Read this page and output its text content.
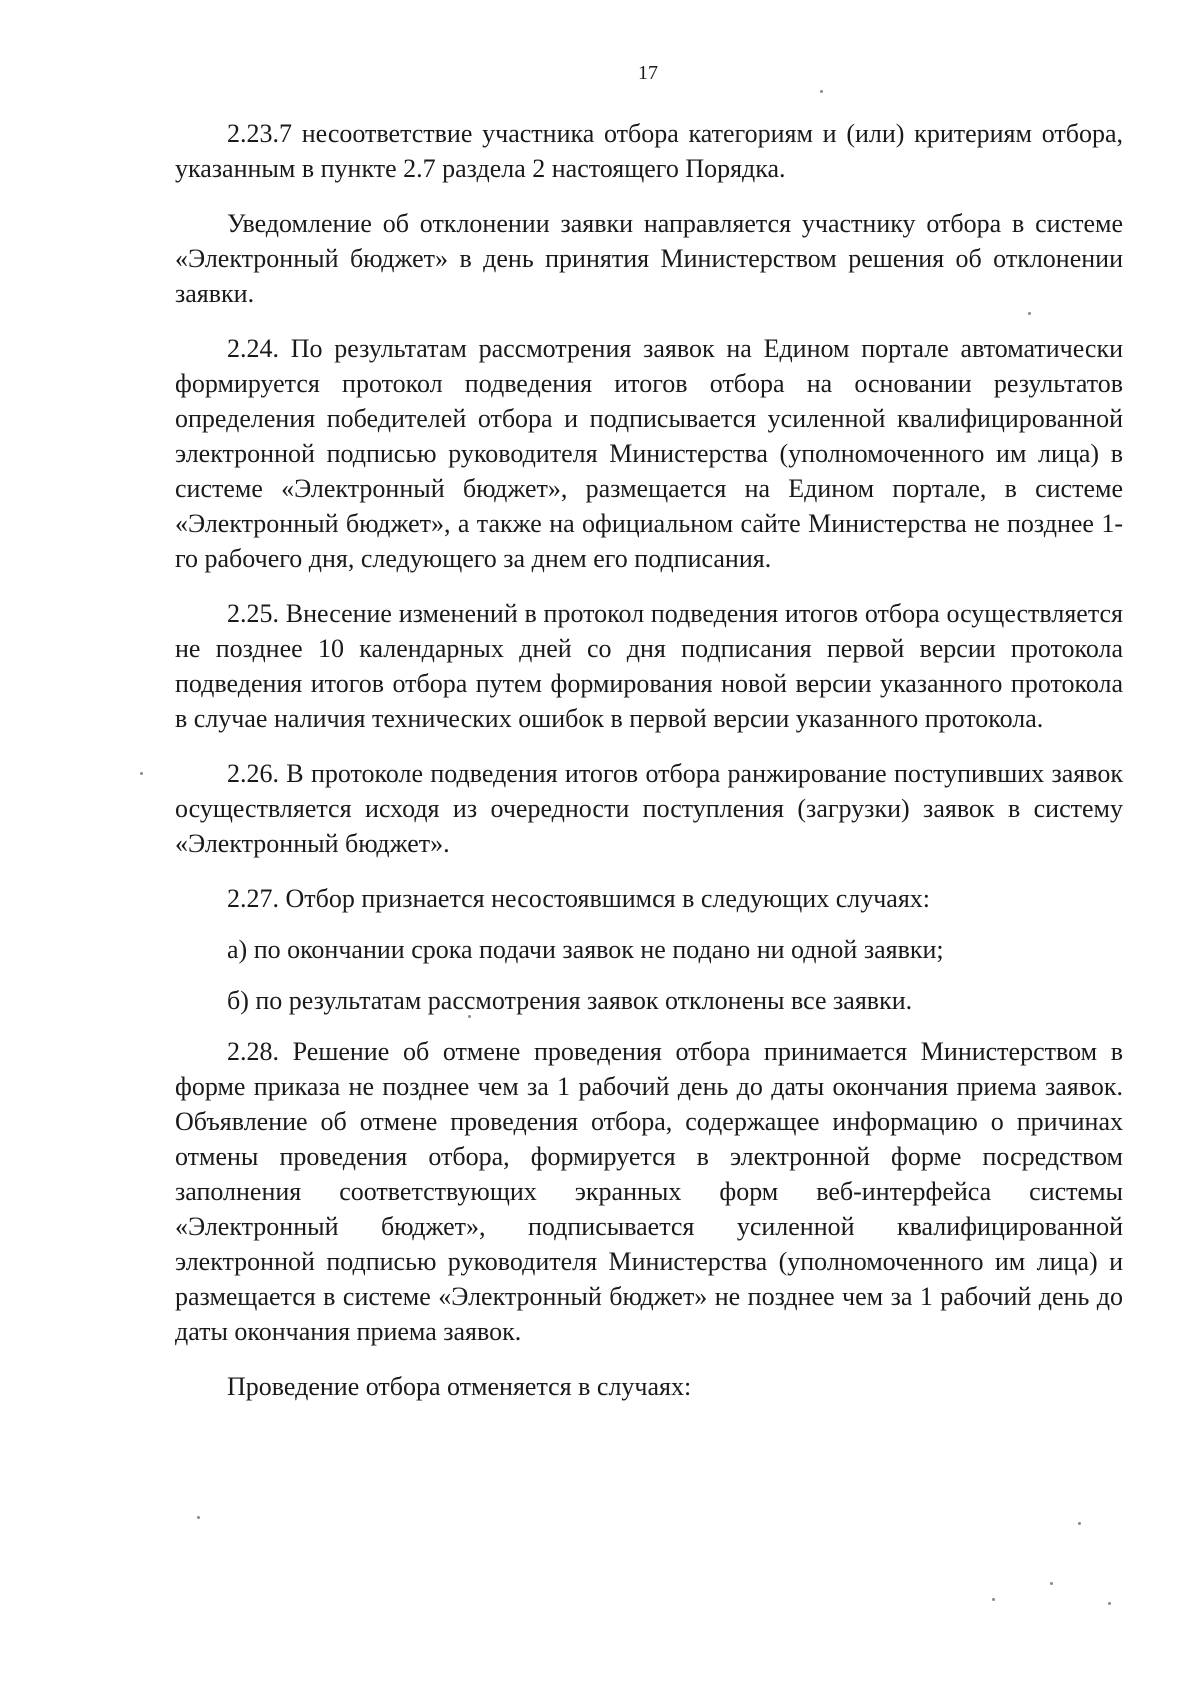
17

2.23.7 несоответствие участника отбора категориям и (или) критериям отбора, указанным в пункте 2.7 раздела 2 настоящего Порядка.

Уведомление об отклонении заявки направляется участнику отбора в системе «Электронный бюджет» в день принятия Министерством решения об отклонении заявки.

2.24. По результатам рассмотрения заявок на Едином портале автоматически формируется протокол подведения итогов отбора на основании результатов определения победителей отбора и подписывается усиленной квалифицированной электронной подписью руководителя Министерства (уполномоченного им лица) в системе «Электронный бюджет», размещается на Едином портале, в системе «Электронный бюджет», а также на официальном сайте Министерства не позднее 1-го рабочего дня, следующего за днем его подписания.

2.25. Внесение изменений в протокол подведения итогов отбора осуществляется не позднее 10 календарных дней со дня подписания первой версии протокола подведения итогов отбора путем формирования новой версии указанного протокола в случае наличия технических ошибок в первой версии указанного протокола.

2.26. В протоколе подведения итогов отбора ранжирование поступивших заявок осуществляется исходя из очередности поступления (загрузки) заявок в систему «Электронный бюджет».

2.27. Отбор признается несостоявшимся в следующих случаях:

а) по окончании срока подачи заявок не подано ни одной заявки;

б) по результатам рассмотрения заявок отклонены все заявки.

2.28. Решение об отмене проведения отбора принимается Министерством в форме приказа не позднее чем за 1 рабочий день до даты окончания приема заявок. Объявление об отмене проведения отбора, содержащее информацию о причинах отмены проведения отбора, формируется в электронной форме посредством заполнения соответствующих экранных форм веб-интерфейса системы «Электронный бюджет», подписывается усиленной квалифицированной электронной подписью руководителя Министерства (уполномоченного им лица) и размещается в системе «Электронный бюджет» не позднее чем за 1 рабочий день до даты окончания приема заявок.

Проведение отбора отменяется в случаях:
